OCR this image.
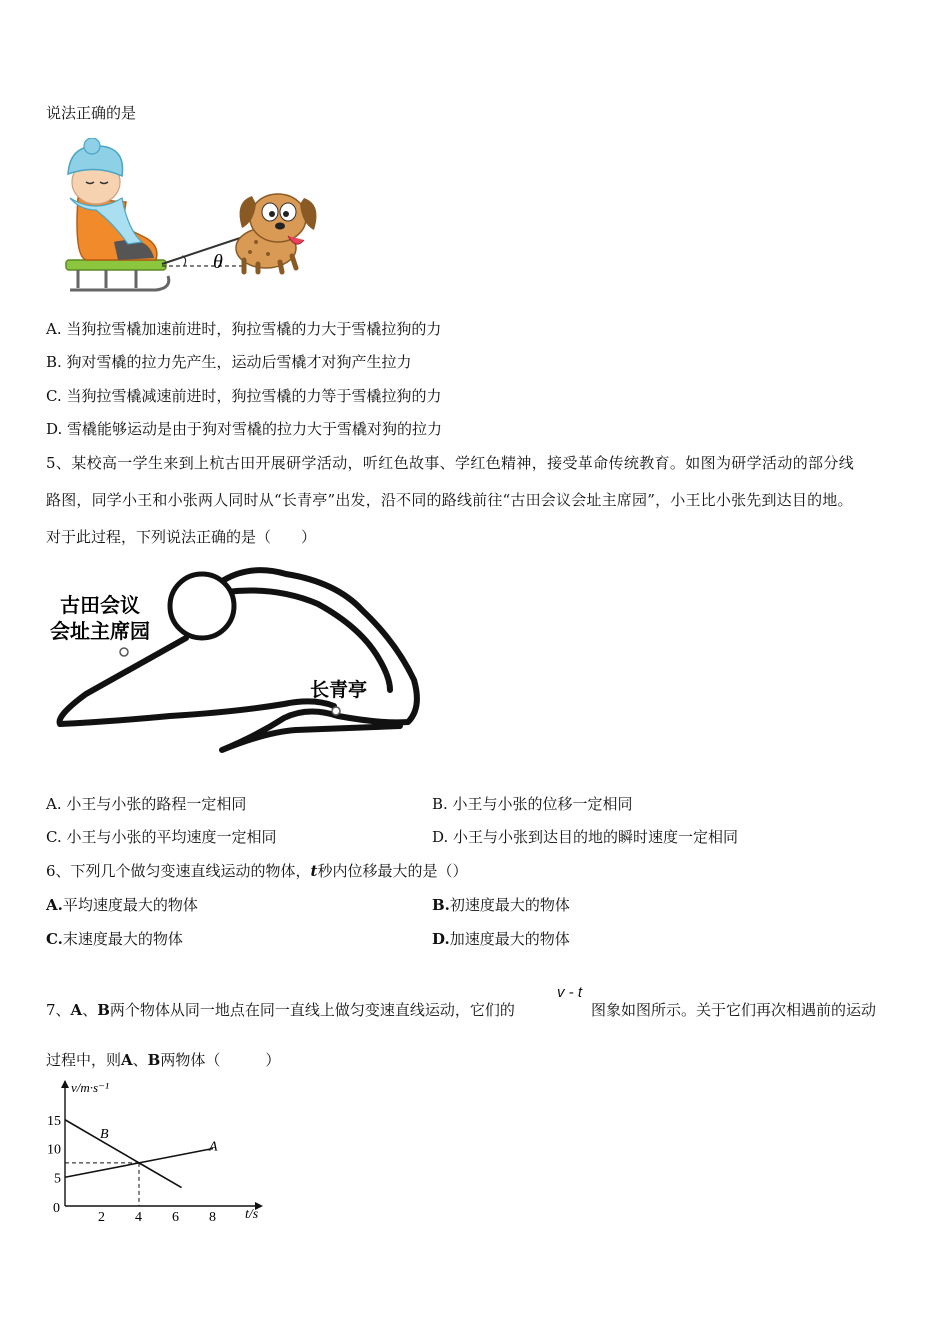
说法正确的是
θ
A. 当狗拉雪橇加速前进时，狗拉雪橇的力大于雪橇拉狗的力
B. 狗对雪橇的拉力先产生，运动后雪橇才对狗产生拉力
C. 当狗拉雪橇减速前进时，狗拉雪橇的力等于雪橇拉狗的力
D. 雪橇能够运动是由于狗对雪橇的拉力大于雪橇对狗的拉力
5、某校高一学生来到上杭古田开展研学活动，听红色故事、学红色精神，接受革命传统教育。如图为研学活动的部分线
路图，同学小王和小张两人同时从“长青亭”出发，沿不同的路线前往“古田会议会址主席园”，小王比小张先到达目的地。
对于此过程，下列说法正确的是（　　）
古田会议
会址主席园
长青亭
A. 小王与小张的路程一定相同	B. 小王与小张的位移一定相同
C. 小王与小张的平均速度一定相同	D. 小王与小张到达目的地的瞬时速度一定相同
6、下列几个做匀变速直线运动的物体，t秒内位移最大的是（）
A.平均速度最大的物体	B.初速度最大的物体
C.末速度最大的物体	D.加速度最大的物体
7、A、B两个物体从同一地点在同一直线上做匀变速直线运动，它们的
v - t
图象如图所示。关于它们再次相遇前的运动
过程中，则A、B两物体（　　　）
v/m·s⁻¹
t/s
0
2 4 6 8
5
10
15
A
B
